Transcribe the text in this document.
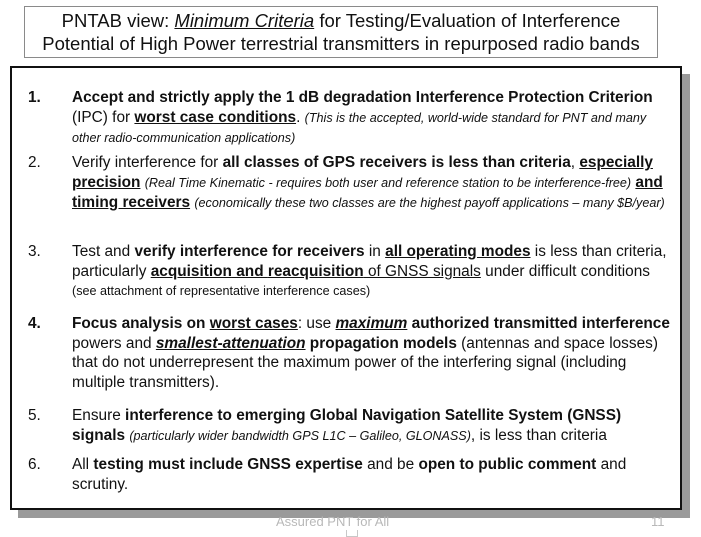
PNTAB view: Minimum Criteria for Testing/Evaluation of Interference
Potential of High Power terrestrial transmitters in repurposed radio bands
1.	Accept and strictly apply the 1 dB degradation Interference Protection Criterion (IPC) for worst case conditions. (This is the accepted, world-wide standard for PNT and many other radio-communication applications)
2.	Verify interference for all classes of GPS receivers is less than criteria, especially precision (Real Time Kinematic - requires both user and reference station to be interference-free) and timing receivers (economically these two classes are the highest payoff applications – many $B/year)
3.	Test and verify interference for receivers in all operating modes is less than criteria, particularly acquisition and reacquisition of GNSS signals under difficult conditions (see attachment of representative interference cases)
4.	Focus analysis on worst cases: use maximum authorized transmitted interference powers and smallest-attenuation propagation models (antennas and space losses) that do not underrepresent the maximum power of the interfering signal (including multiple transmitters).
5.	Ensure interference to emerging Global Navigation Satellite System (GNSS) signals (particularly wider bandwidth GPS L1C – Galileo, GLONASS), is less than criteria
6.	All testing must include GNSS expertise and be open to public comment and scrutiny.
Assured PNT for All	11
